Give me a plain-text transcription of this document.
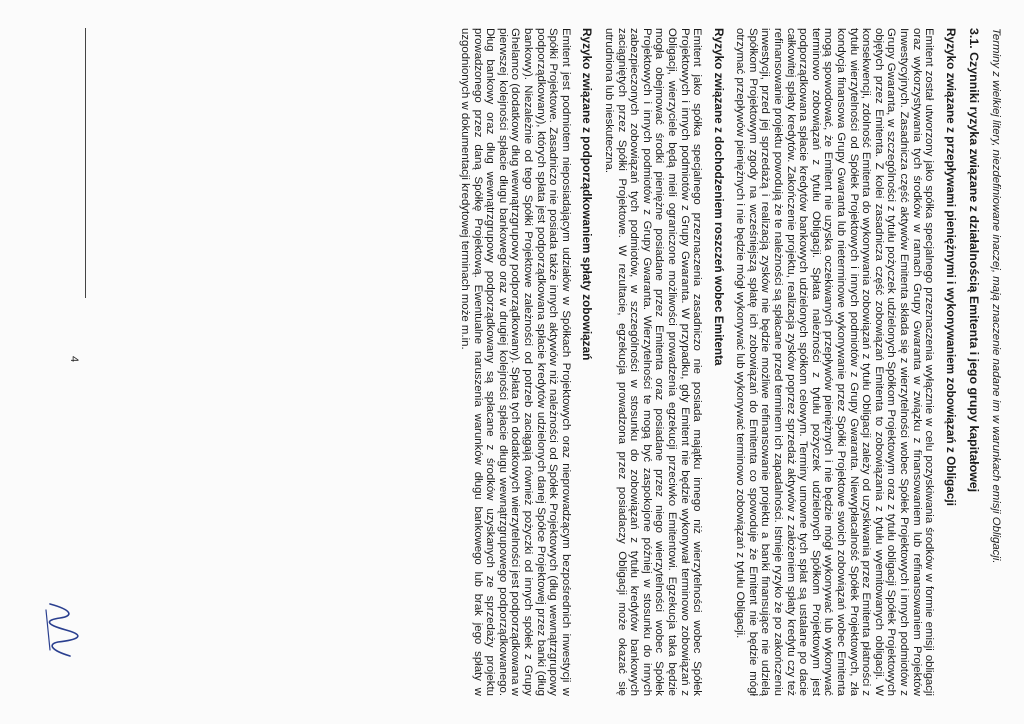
Terminy z wielkiej litery, niezdefiniowane inaczej, mają znaczenie nadane im w warunkach emisji Obligacji.

3.1. Czynniki ryzyka związane z działalnością Emitenta i jego grupy kapitałowej
Ryzyko związane z przepływami pieniężnymi i wykonywaniem zobowiązań z Obligacji

Emitent został utworzony jako spółka specjalnego przeznaczenia wyłącznie w celu pozyskiwania środków w formie emisji obligacji oraz wykorzystywania tych środków w ramach Grupy Gwaranta w związku z finansowaniem lub refinansowaniem Projektów Inwestycyjnych. Zasadnicza część aktywów Emitenta składa się z wierzytelności wobec Spółek Projektowych i innych podmiotów z Grupy Gwaranta, w szczególności z tytułu pożyczek udzielonych Spółkom Projektowym oraz z tytułu obligacji Spółek Projektowych objętych przez Emitenta. Z kolei zasadnicza część zobowiązań Emitenta to zobowiązania z tytułu wyemitowanych obligacji. W konsekwencji, zdolność Emitenta do wykonywania zobowiązań z tytułu Obligacji zależy od uzyskiwania przez Emitenta płatności z tytułu wierzytelności od Spółek Projektowych i innych podmiotów z Grupy Gwaranta. Niewypłacalność Spółek Projektowych, zła kondycja finansowa Grupy Gwaranta lub nieterminowe wykonywanie przez Spółki Projektowe swoich zobowiązań wobec Emitenta mogą spowodować, że Emitent nie uzyska oczekiwanych przepływów pieniężnych i nie będzie mógł wykonywać lub wykonywać terminowo zobowiązań z tytułu Obligacji. Spłata należności z tytułu pożyczek udzielonych Spółkom Projektowym jest podporządkowana spłacie kredytów bankowych udzielonych spółkom celowym. Terminy umowne tych spłat są ustalane po dacie całkowitej spłaty kredytów. Zakończenie projektu, realizacja zysków poprzez sprzedaż aktywów z założeniem spłaty kredytu czy też refinansowanie projektu powodują że te należności są spłacane przed terminem ich zapadalności. Istnieje ryzyko że po zakończeniu inwestycji, przed jej sprzedażą i realizacją zysków nie będzie możliwe refinansowanie projektu a banki finansujące nie udzielą Spółkom Projektowym zgody na wcześniejszą spłatę ich zobowiązań do Emitenta co spowoduje że Emitent nie będzie mógł otrzymać przepływów pieniężnych i nie będzie mógł wykonywać lub wykonywać terminowo zobowiązań z tytułu Obligacji.

Ryzyko związane z dochodzeniem roszczeń wobec Emitenta

Emitent jako spółka specjalnego przeznaczenia zasadniczo nie posiada majątku innego niż wierzytelności wobec Spółek Projektowych i innych podmiotów z Grupy Gwaranta. W przypadku, gdy Emitent nie będzie wykonywał terminowo zobowiązań z Obligacji, wierzyciele będą mieli ograniczone możliwości prowadzenia egzekucji przeciwko Emitentowi. Egzekucja taka będzie mogła obejmować środki pieniężne posiadane przez Emitenta oraz posiadane przez niego wierzytelności wobec Spółek Projektowych i innych podmiotów z Grupy Gwaranta. Wierzytelności te mogą być zaspokojone później w stosunku do innych zabezpieczonych zobowiązań tych podmiotów, w szczególności w stosunku do zobowiązań z tytułu kredytów bankowych zaciągniętych przez Spółki Projektowe. W rezultacie, egzekucja prowadzona przez posiadaczy Obligacji może okazać się utrudniona lub nieskuteczna.

Ryzyko związane z podporządkowaniem spłaty zobowiązań

Emitent jest podmiotem nieposiadającym udziałów w Spółkach Projektowych oraz nieprowadzącym bezpośrednich inwestycji w Spółki Projektowe. Zasadniczo nie posiada także innych aktywów niż należności od Spółek Projektowych (dług wewnątrzgrupowy podporządkowany), których spłata jest podporządkowana spłacie kredytów udzielonych danej Spółce Projektowej przez banki (dług bankowy). Niezależnie od tego Spółki Projektowe zależności od potrzeb zaciągają również pożyczki od innych spółek z Grupy Ghelamco (dodatkowy dług wewnątrzgrupowy podporządkowany). Spłata tych dodatkowych wierzytelności jest podporządkowana w pierwszej kolejności spłacie długu bankowego oraz w drugiej kolejności spłacie długu wewnątrzgrupowego podporządkowanego. Dług bankowy oraz dług wewnątrzgrupowy podporządkowany są spłacane z środków uzyskanych ze sprzedaży projektu prowadzonego przez daną Spółkę Projektową. Ewentualne naruszenia warunków długu bankowego lub brak jego spłaty w uzgodnionych w dokumentacji kredytowej terminach może m.in.

4
